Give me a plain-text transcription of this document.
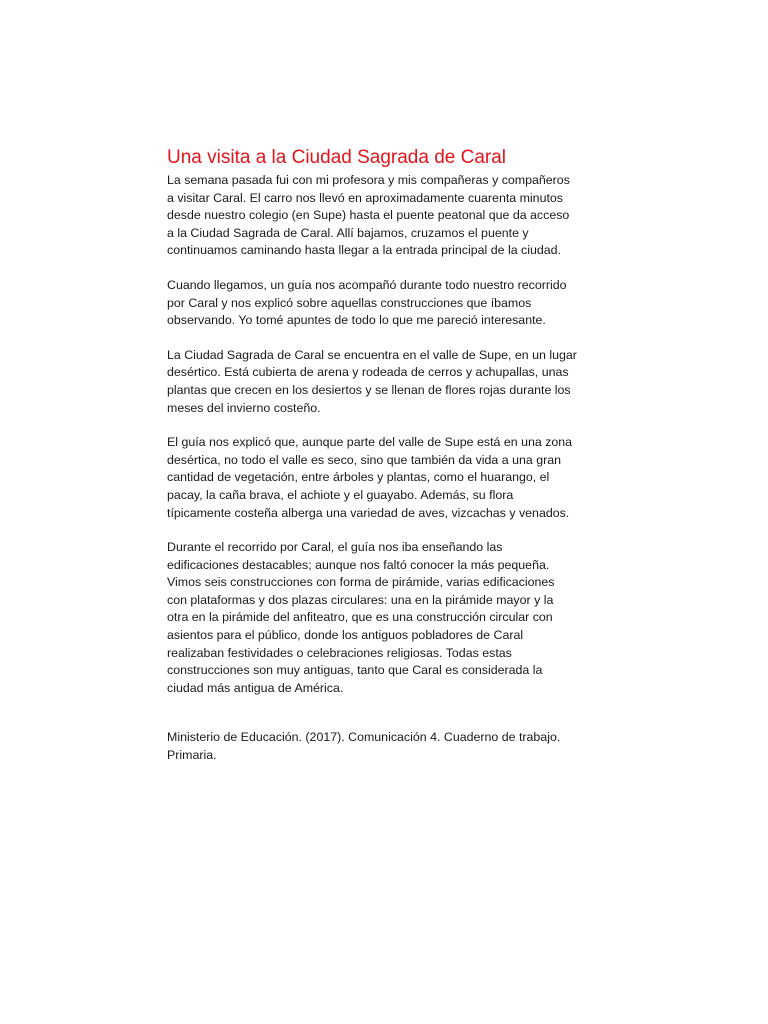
Una visita a la Ciudad Sagrada de Caral

La semana pasada fui con mi profesora y mis compañeras y compañeros
a visitar Caral. El carro nos llevó en aproximadamente cuarenta minutos
desde nuestro colegio (en Supe) hasta el puente peatonal que da acceso
a la Ciudad Sagrada de Caral. Allí bajamos, cruzamos el puente y
continuamos caminando hasta llegar a la entrada principal de la ciudad.

Cuando llegamos, un guía nos acompañó durante todo nuestro recorrido
por Caral y nos explicó sobre aquellas construcciones que íbamos
observando. Yo tomé apuntes de todo lo que me pareció interesante.

La Ciudad Sagrada de Caral se encuentra en el valle de Supe, en un lugar
desértico. Está cubierta de arena y rodeada de cerros y achupallas, unas
plantas que crecen en los desiertos y se llenan de flores rojas durante los
meses del invierno costeño.

El guía nos explicó que, aunque parte del valle de Supe está en una zona
desértica, no todo el valle es seco, sino que también da vida a una gran
cantidad de vegetación, entre árboles y plantas, como el huarango, el
pacay, la caña brava, el achiote y el guayabo. Además, su flora
típicamente costeña alberga una variedad de aves, vizcachas y venados.

Durante el recorrido por Caral, el guía nos iba enseñando las
edificaciones destacables; aunque nos faltó conocer la más pequeña.
Vimos seis construcciones con forma de pirámide, varias edificaciones
con plataformas y dos plazas circulares: una en la pirámide mayor y la
otra en la pirámide del anfiteatro, que es una construcción circular con
asientos para el público, donde los antiguos pobladores de Caral
realizaban festividades o celebraciones religiosas. Todas estas
construcciones son muy antiguas, tanto que Caral es considerada la
ciudad más antigua de América.

Ministerio de Educación. (2017). Comunicación 4. Cuaderno de trabajo.
Primaria.
